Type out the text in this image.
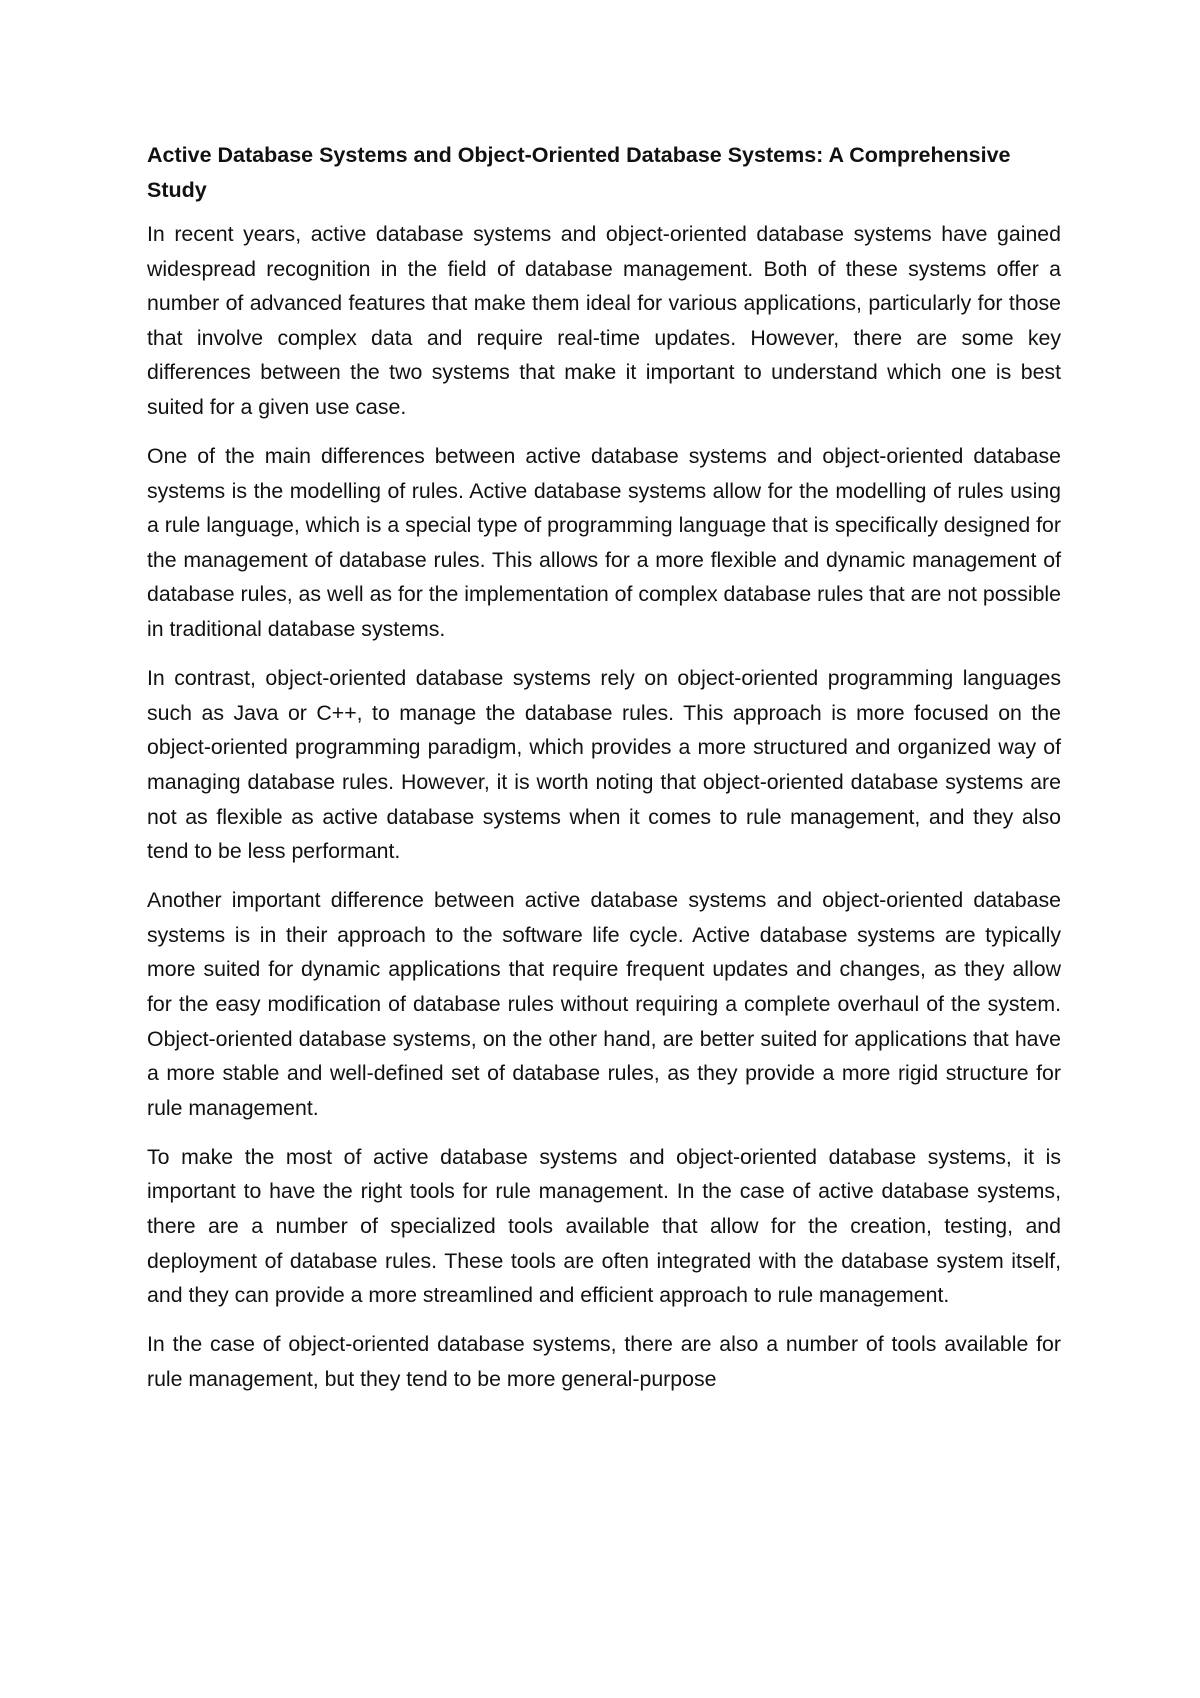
Active Database Systems and Object-Oriented Database Systems: A Comprehensive Study

In recent years, active database systems and object-oriented database systems have gained widespread recognition in the field of database management. Both of these systems offer a number of advanced features that make them ideal for various applications, particularly for those that involve complex data and require real-time updates. However, there are some key differences between the two systems that make it important to understand which one is best suited for a given use case.

One of the main differences between active database systems and object-oriented database systems is the modelling of rules. Active database systems allow for the modelling of rules using a rule language, which is a special type of programming language that is specifically designed for the management of database rules. This allows for a more flexible and dynamic management of database rules, as well as for the implementation of complex database rules that are not possible in traditional database systems.

In contrast, object-oriented database systems rely on object-oriented programming languages such as Java or C++, to manage the database rules. This approach is more focused on the object-oriented programming paradigm, which provides a more structured and organized way of managing database rules. However, it is worth noting that object-oriented database systems are not as flexible as active database systems when it comes to rule management, and they also tend to be less performant.

Another important difference between active database systems and object-oriented database systems is in their approach to the software life cycle. Active database systems are typically more suited for dynamic applications that require frequent updates and changes, as they allow for the easy modification of database rules without requiring a complete overhaul of the system. Object-oriented database systems, on the other hand, are better suited for applications that have a more stable and well-defined set of database rules, as they provide a more rigid structure for rule management.

To make the most of active database systems and object-oriented database systems, it is important to have the right tools for rule management. In the case of active database systems, there are a number of specialized tools available that allow for the creation, testing, and deployment of database rules. These tools are often integrated with the database system itself, and they can provide a more streamlined and efficient approach to rule management.

In the case of object-oriented database systems, there are also a number of tools available for rule management, but they tend to be more general-purpose
